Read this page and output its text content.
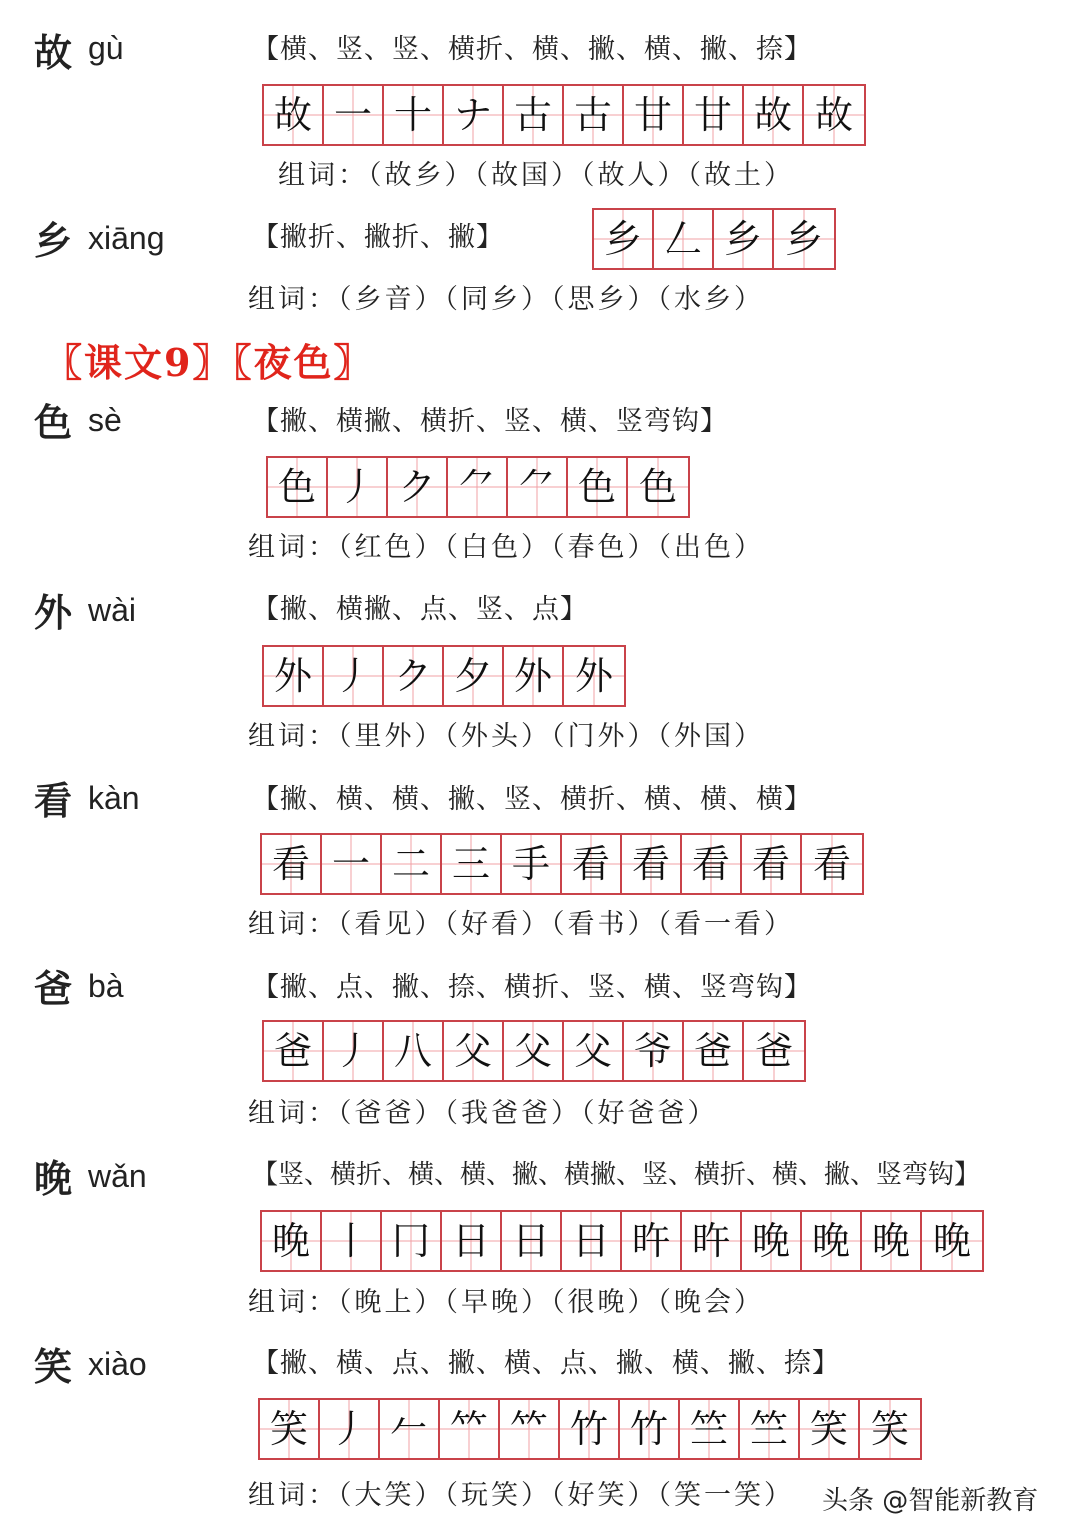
〖课文9〗〖夜色〗
故 gù	【横、竖、竖、横折、横、撇、横、撇、捺】
故 一 十 ナ 古 古 甘 甘 故 故
组词：（故乡）（故国）（故人）（故土）
乡 xiāng	【撇折、撇折、撇】	乡 𠃋 乡 乡
组词：（乡音）（同乡）（思乡）（水乡）
色 sè	【撇、横撇、横折、竖、横、竖弯钩】
色 丿 ク ⺈ ⺈ 色 色
组词：（红色）（白色）（春色）（出色）
外 wài	【撇、横撇、点、竖、点】
外 丿 ク 夕 外 外
组词：（里外）（外头）（门外）（外国）
看 kàn	【撇、横、横、撇、竖、横折、横、横、横】
看 一 二 三 手 看 看 看 看 看
组词：（看见）（好看）（看书）（看一看）
爸 bà	【撇、点、撇、捺、横折、竖、横、竖弯钩】
爸 丿 八 父 父 父 爷 爸 爸
组词：（爸爸）（我爸爸）（好爸爸）
晚 wǎn	【竖、横折、横、横、撇、横撇、竖、横折、横、撇、竖弯钩】
晚 丨 冂 日 日 日 旿 旿 晚 晚 晚 晚
组词：（晚上）（早晚）（很晚）（晚会）
笑 xiào	【撇、横、点、撇、横、点、撇、横、撇、捺】
笑 丿 𠂉 𥫗 𥫗 竹 竹 竺 竺 笑 笑
组词：（大笑）（玩笑）（好笑）（笑一笑） 头条 @智能新教育
